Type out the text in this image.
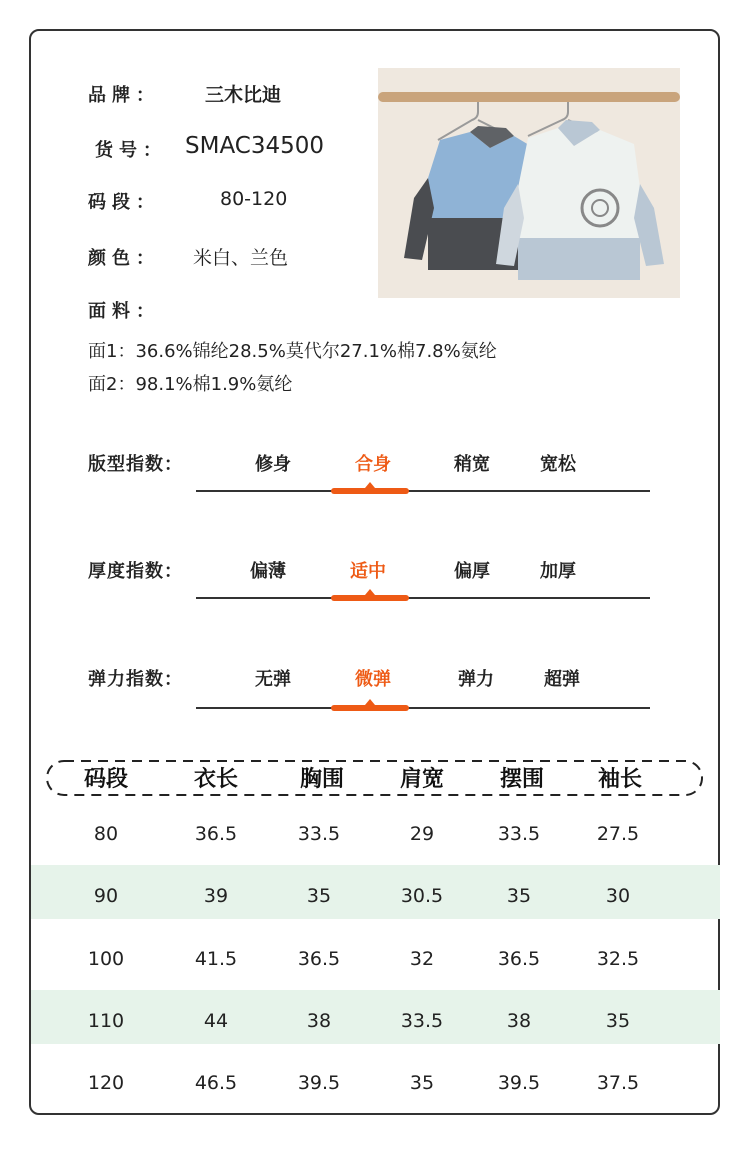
品牌： 三木比迪
货号： SMAC34500
码段：	80-120
颜色： 米白、兰色
面料：
面1：36.6%锦纶28.5%莫代尔27.1%棉7.8%氨纶
面2：98.1%棉1.9%氨纶
版型指数：	修身	合身	稍宽	宽松
厚度指数：	偏薄	适中	偏厚	加厚
弹力指数：	无弹	微弹	弹力	超弹
码段	衣长	胸围	肩宽	摆围 袖长
80	36.5	33.5	29	33.5	27.5
90	39	35	30.5	35	30
100	41.5	36.5	32	36.5	32.5
110	44	38	33.5	38	35
120	46.5	39.5	35	39.5	37.5
